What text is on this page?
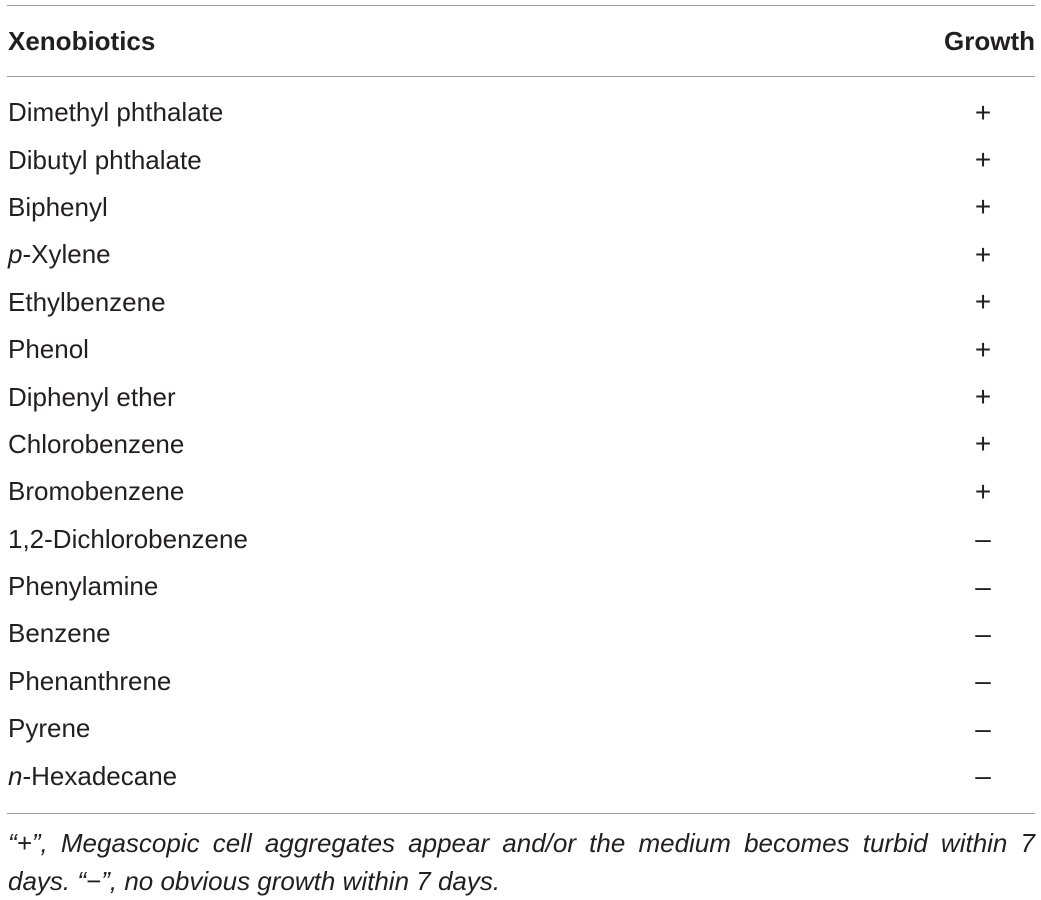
Xenobiotics	Growth
Dimethyl phthalate	+
Dibutyl phthalate	+
Biphenyl	+
p-Xylene	+
Ethylbenzene	+
Phenol	+
Diphenyl ether	+
Chlorobenzene	+
Bromobenzene	+
1,2-Dichlorobenzene	–
Phenylamine	–
Benzene	–
Phenanthrene	–
Pyrene	–
n-Hexadecane	–
“+”, Megascopic cell aggregates appear and/or the medium becomes turbid within 7 days. “−”, no obvious growth within 7 days.
